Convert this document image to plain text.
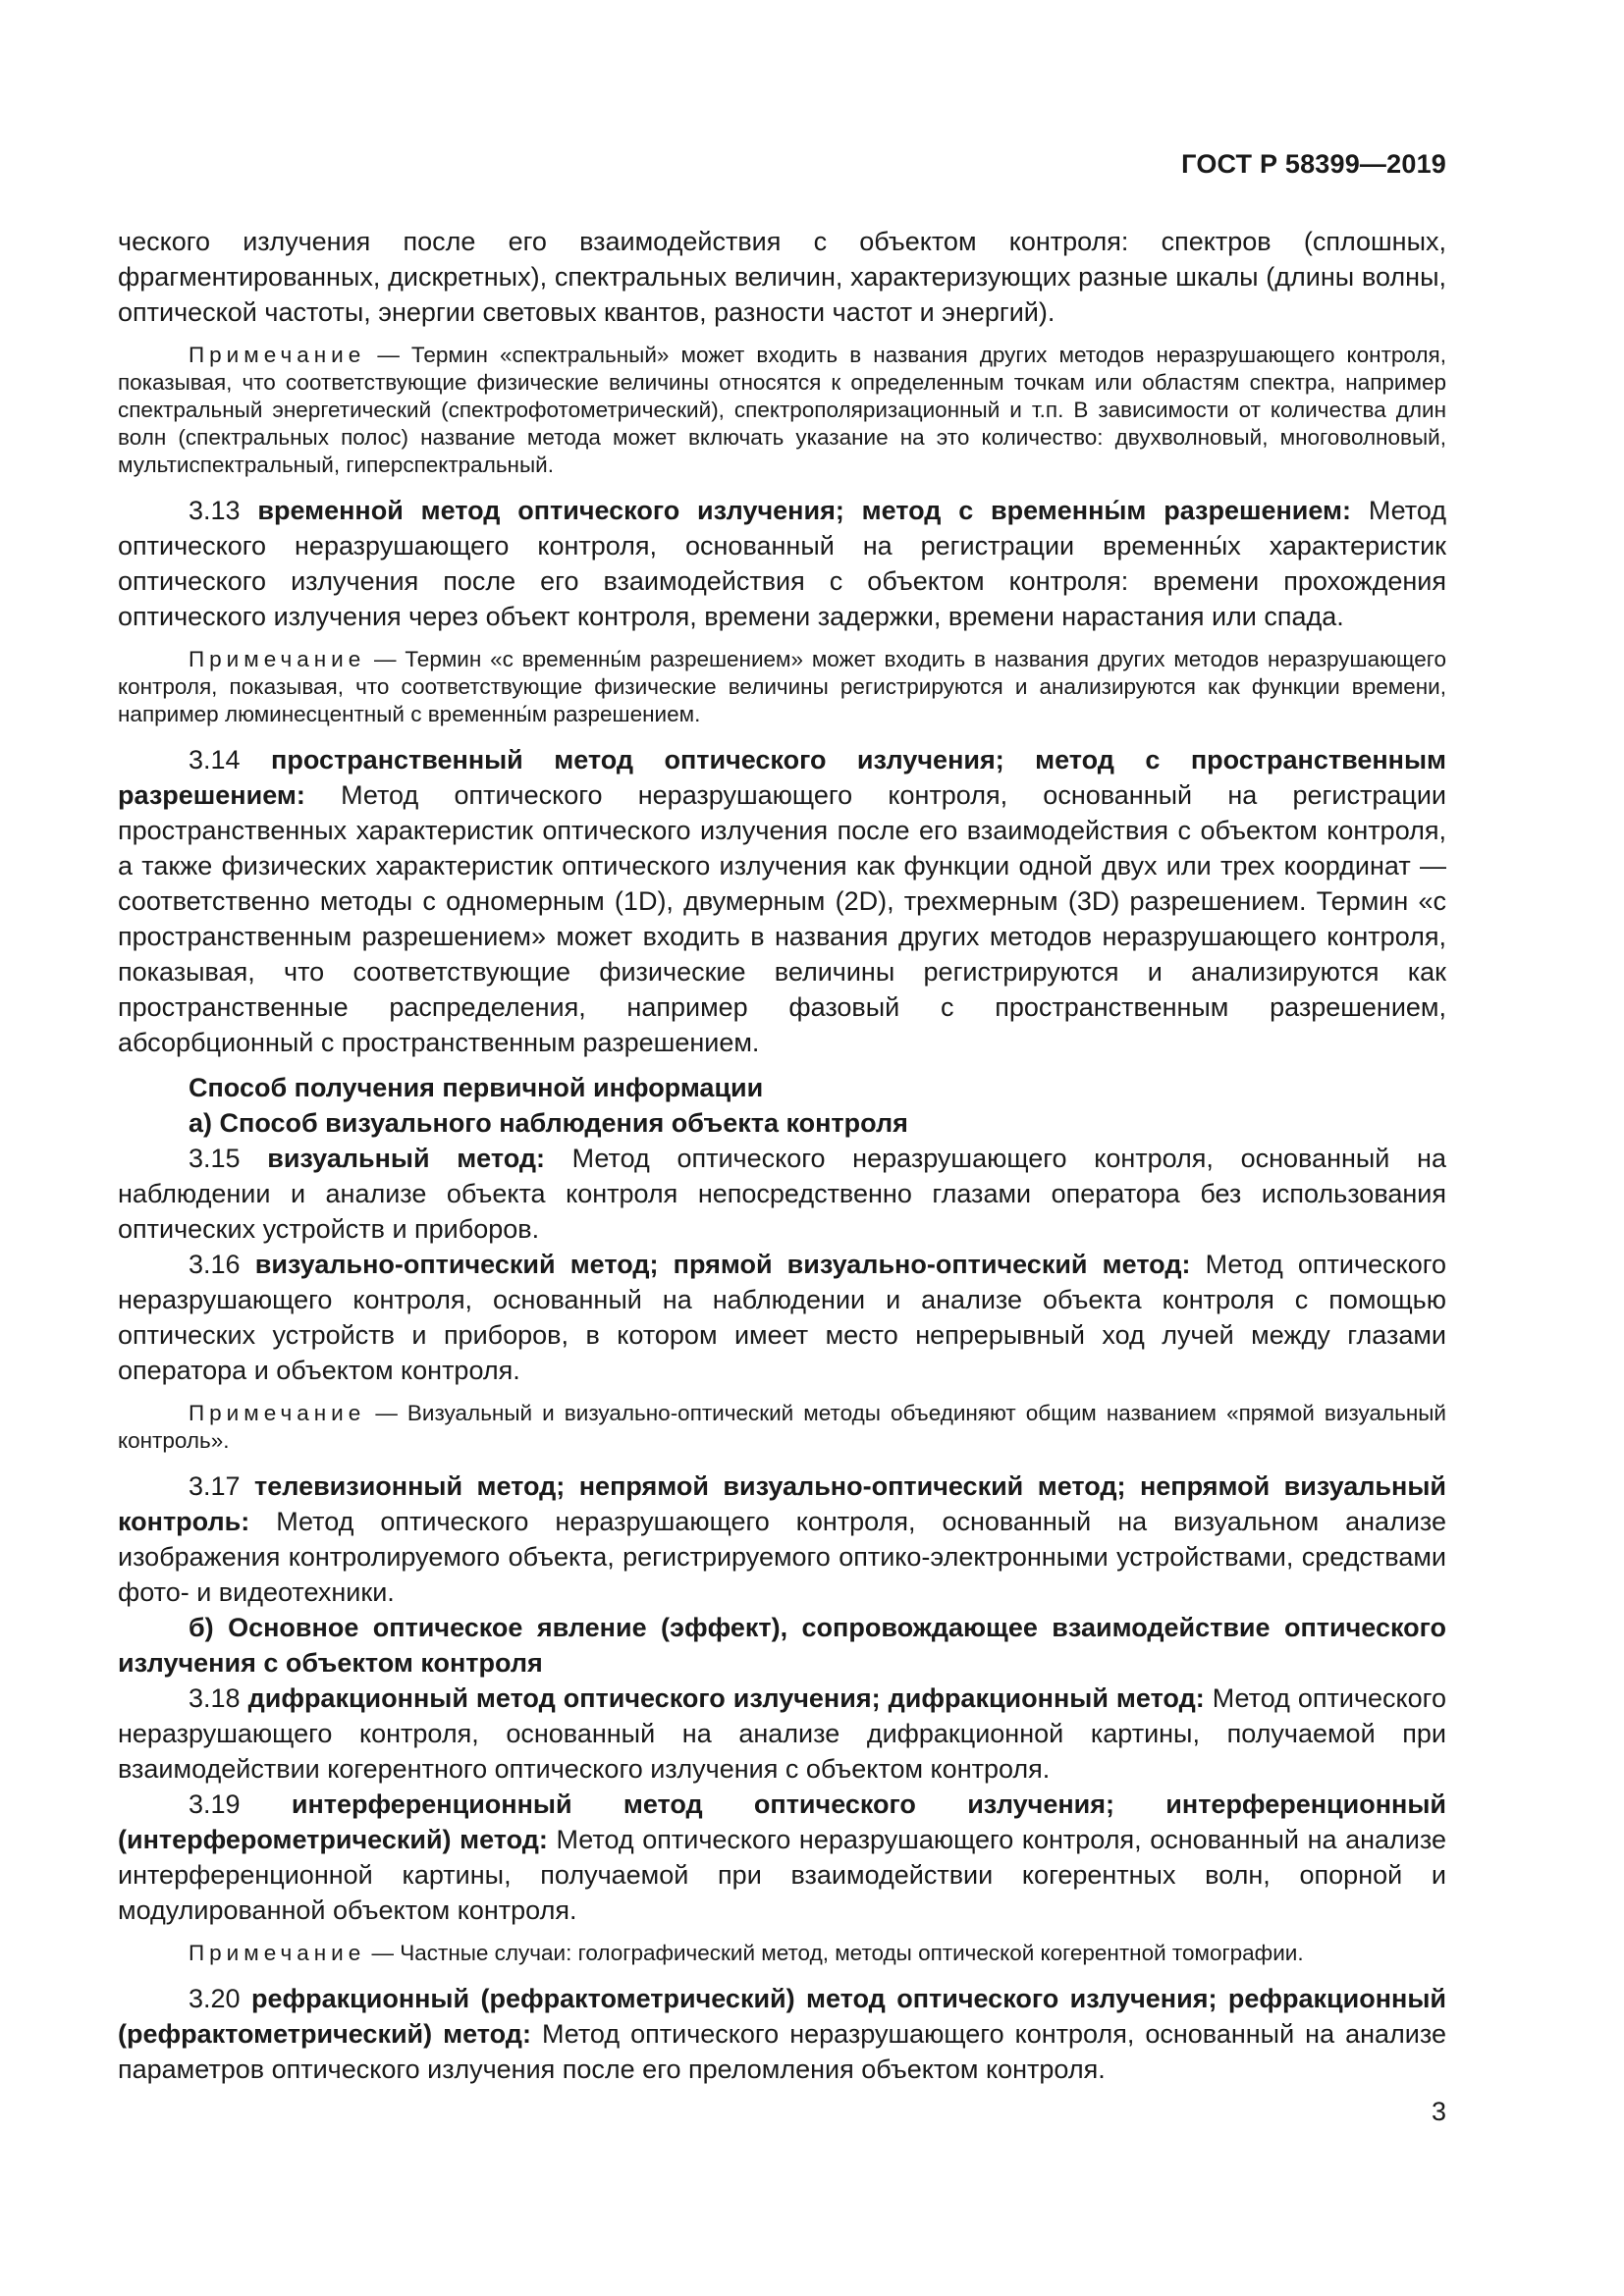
ГОСТ Р 58399—2019

ческого излучения после его взаимодействия с объектом контроля: спектров (сплошных, фрагментированных, дискретных), спектральных величин, характеризующих разные шкалы (длины волны, оптической частоты, энергии световых квантов, разности частот и энергий).

Примечание — Термин «спектральный» может входить в названия других методов неразрушающего контроля, показывая, что соответствующие физические величины относятся к определенным точкам или областям спектра, например спектральный энергетический (спектрофотометрический), спектрополяризационный и т.п. В зависимости от количества длин волн (спектральных полос) название метода может включать указание на это количество: двухволновый, многоволновый, мультиспектральный, гиперспектральный.

3.13 временной метод оптического излучения; метод с временны́м разрешением: Метод оптического неразрушающего контроля, основанный на регистрации временны́х характеристик оптического излучения после его взаимодействия с объектом контроля: времени прохождения оптического излучения через объект контроля, времени задержки, времени нарастания или спада.

Примечание — Термин «с временны́м разрешением» может входить в названия других методов неразрушающего контроля, показывая, что соответствующие физические величины регистрируются и анализируются как функции времени, например люминесцентный с временны́м разрешением.

3.14 пространственный метод оптического излучения; метод с пространственным разрешением: Метод оптического неразрушающего контроля, основанный на регистрации пространственных характеристик оптического излучения после его взаимодействия с объектом контроля, а также физических характеристик оптического излучения как функции одной двух или трех координат — соответственно методы с одномерным (1D), двумерным (2D), трехмерным (3D) разрешением. Термин «с пространственным разрешением» может входить в названия других методов неразрушающего контроля, показывая, что соответствующие физические величины регистрируются и анализируются как пространственные распределения, например фазовый с пространственным разрешением, абсорбционный с пространственным разрешением.

Способ получения первичной информации

а) Способ визуального наблюдения объекта контроля

3.15 визуальный метод: Метод оптического неразрушающего контроля, основанный на наблюдении и анализе объекта контроля непосредственно глазами оператора без использования оптических устройств и приборов.

3.16 визуально-оптический метод; прямой визуально-оптический метод: Метод оптического неразрушающего контроля, основанный на наблюдении и анализе объекта контроля с помощью оптических устройств и приборов, в котором имеет место непрерывный ход лучей между глазами оператора и объектом контроля.

Примечание — Визуальный и визуально-оптический методы объединяют общим названием «прямой визуальный контроль».

3.17 телевизионный метод; непрямой визуально-оптический метод; непрямой визуальный контроль: Метод оптического неразрушающего контроля, основанный на визуальном анализе изображения контролируемого объекта, регистрируемого оптико-электронными устройствами, средствами фото- и видеотехники.

б) Основное оптическое явление (эффект), сопровождающее взаимодействие оптического излучения с объектом контроля

3.18 дифракционный метод оптического излучения; дифракционный метод: Метод оптического неразрушающего контроля, основанный на анализе дифракционной картины, получаемой при взаимодействии когерентного оптического излучения с объектом контроля.

3.19 интерференционный метод оптического излучения; интерференционный (интерферометрический) метод: Метод оптического неразрушающего контроля, основанный на анализе интерференционной картины, получаемой при взаимодействии когерентных волн, опорной и модулированной объектом контроля.

Примечание — Частные случаи: голографический метод, методы оптической когерентной томографии.

3.20 рефракционный (рефрактометрический) метод оптического излучения; рефракционный (рефрактометрический) метод: Метод оптического неразрушающего контроля, основанный на анализе параметров оптического излучения после его преломления объектом контроля.

3
